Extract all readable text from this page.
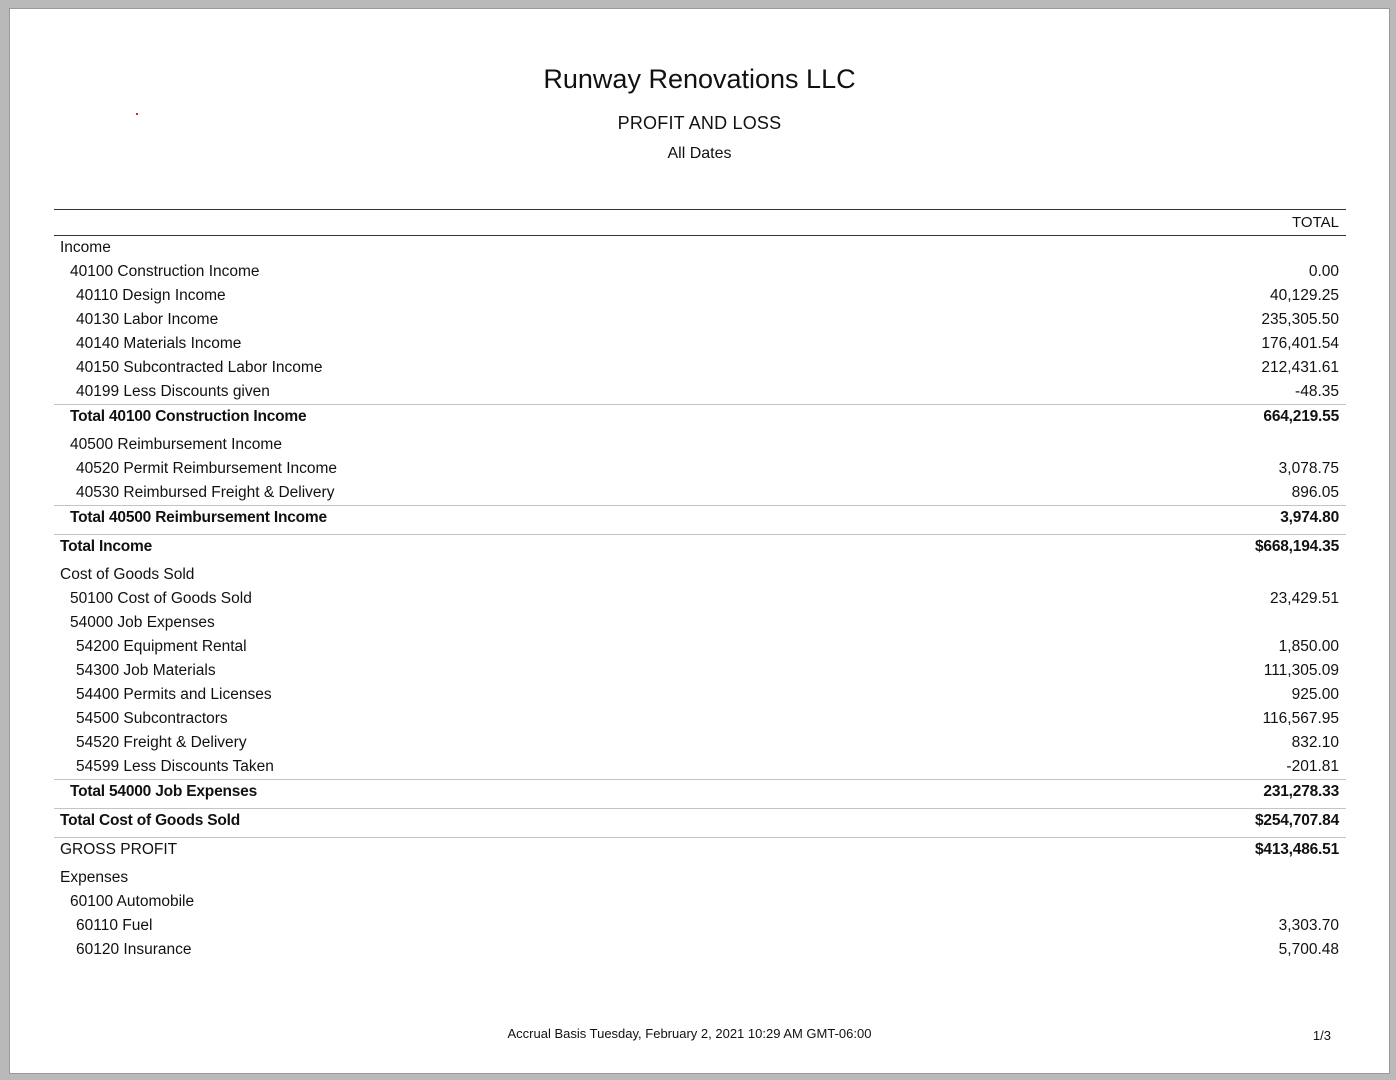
Runway Renovations LLC
PROFIT AND LOSS
All Dates
TOTAL
Income
40100 Construction Income	0.00
40110 Design Income	40,129.25
40130 Labor Income	235,305.50
40140 Materials Income	176,401.54
40150 Subcontracted Labor Income	212,431.61
40199 Less Discounts given	-48.35
Total 40100 Construction Income	664,219.55
40500 Reimbursement Income
40520 Permit Reimbursement Income	3,078.75
40530 Reimbursed Freight & Delivery	896.05
Total 40500 Reimbursement Income	3,974.80
Total Income	$668,194.35
Cost of Goods Sold
50100 Cost of Goods Sold	23,429.51
54000 Job Expenses
54200 Equipment Rental	1,850.00
54300 Job Materials	111,305.09
54400 Permits and Licenses	925.00
54500 Subcontractors	116,567.95
54520 Freight & Delivery	832.10
54599 Less Discounts Taken	-201.81
Total 54000 Job Expenses	231,278.33
Total Cost of Goods Sold	$254,707.84
GROSS PROFIT	$413,486.51
Expenses
60100 Automobile
60110 Fuel	3,303.70
60120 Insurance	5,700.48
Accrual Basis Tuesday, February 2, 2021 10:29 AM GMT-06:00	1/3
